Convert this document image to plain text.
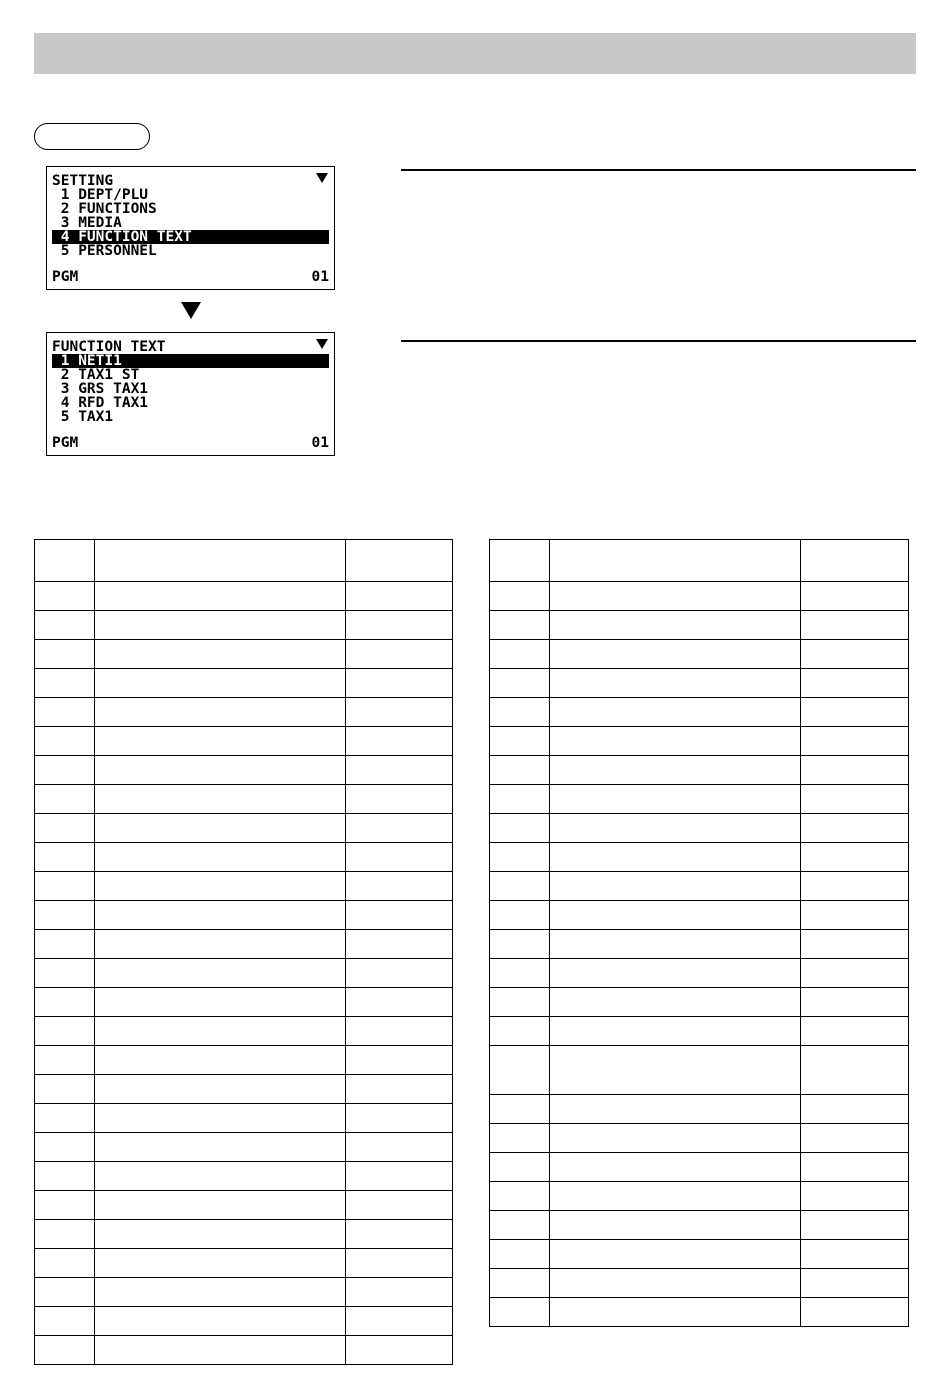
SETTING
1 DEPT/PLU
2 FUNCTIONS
3 MEDIA
4 FUNCTION TEXT
5 PERSONNEL
PGM	01
FUNCTION TEXT
1 NETI1
2 TAX1 ST
3 GRS TAX1
4 RFD TAX1
5 TAX1
PGM	01
